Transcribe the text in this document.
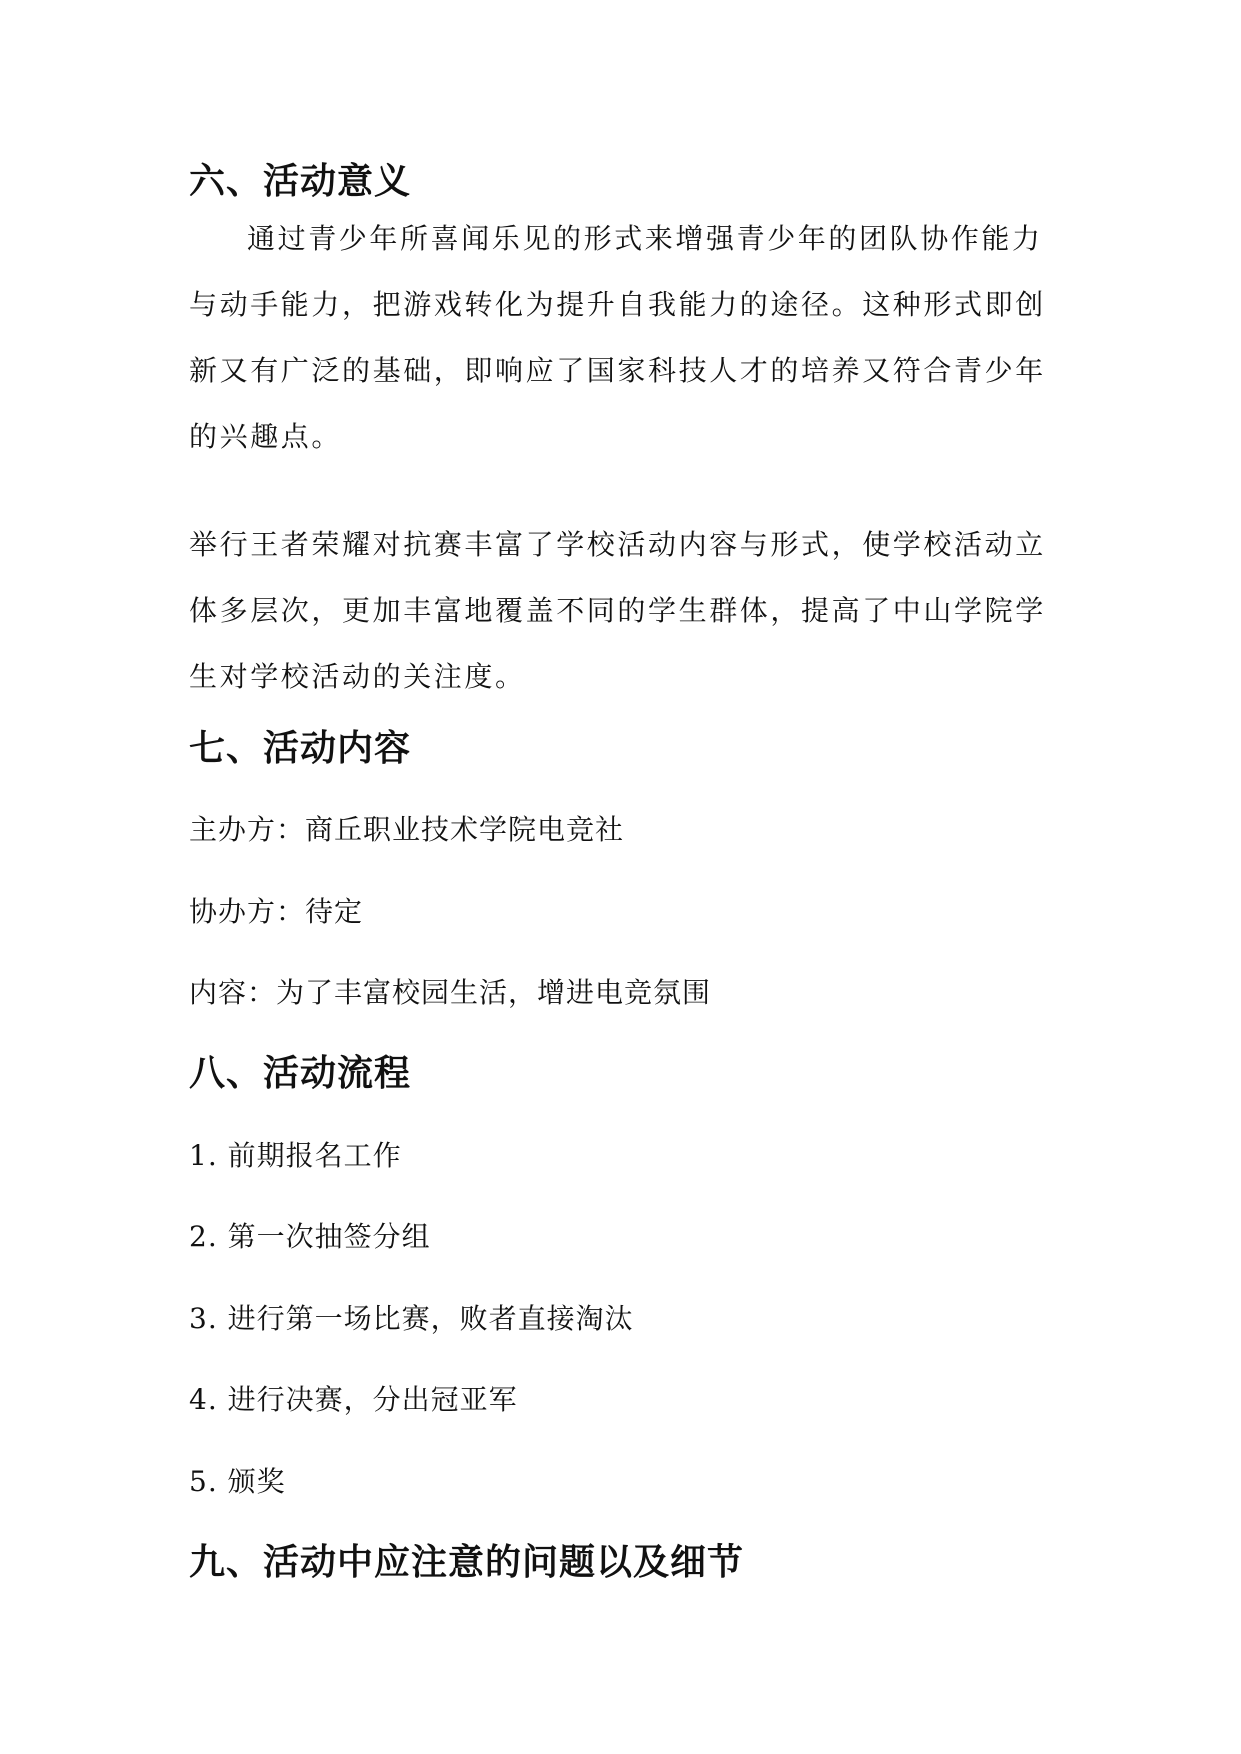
六、活动意义

通过青少年所喜闻乐见的形式来增强青少年的团队协作能力与动手能力，把游戏转化为提升自我能力的途径。这种形式即创新又有广泛的基础，即响应了国家科技人才的培养又符合青少年的兴趣点。

举行王者荣耀对抗赛丰富了学校活动内容与形式，使学校活动立体多层次，更加丰富地覆盖不同的学生群体，提高了中山学院学生对学校活动的关注度。

七、活动内容

主办方：商丘职业技术学院电竞社

协办方：待定

内容：为了丰富校园生活，增进电竞氛围

八、活动流程

1. 前期报名工作

2. 第一次抽签分组

3. 进行第一场比赛，败者直接淘汰

4. 进行决赛，分出冠亚军

5. 颁奖

九、活动中应注意的问题以及细节
